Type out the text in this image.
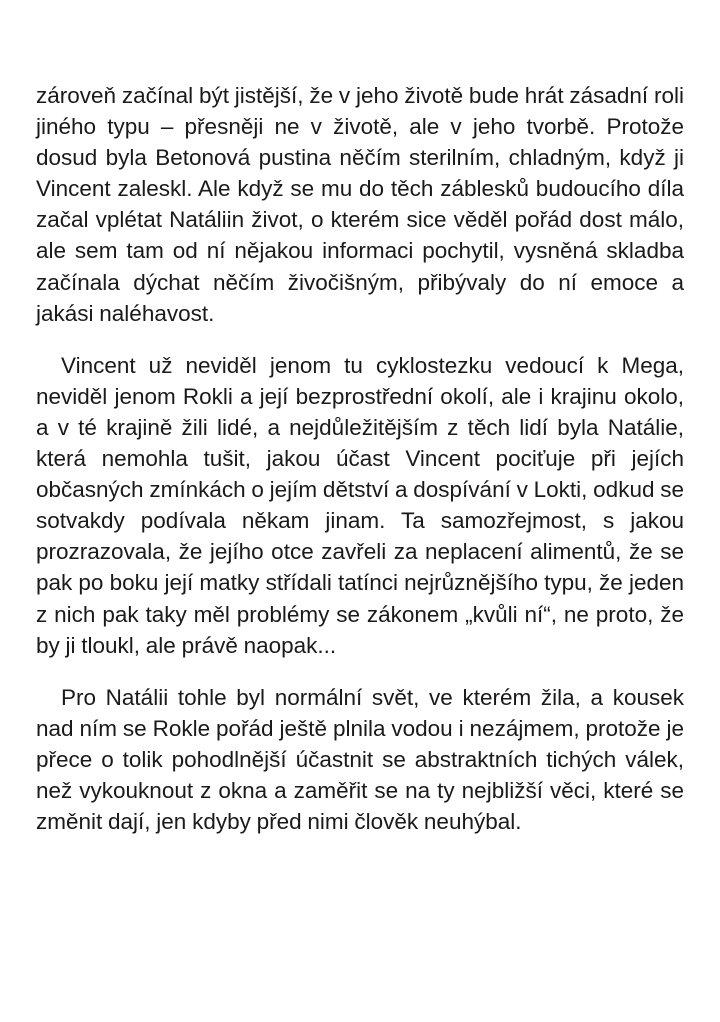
zároveň začínal být jistější, že v jeho životě bude hrát zásadní roli jiného typu – přesněji ne v životě, ale v jeho tvorbě. Protože dosud byla Betonová pustina něčím sterilním, chladným, když ji Vincent zaleskl. Ale když se mu do těch záblesků budoucího díla začal vplétat Natáliin život, o kterém sice věděl pořád dost málo, ale sem tam od ní nějakou informaci pochytil, vysněná skladba začínala dýchat něčím živočišným, přibývaly do ní emoce a jakási naléhavost.

Vincent už neviděl jenom tu cyklostezku vedoucí k Mega, neviděl jenom Rokli a její bezprostřední okolí, ale i krajinu okolo, a v té krajině žili lidé, a nejdůležitějším z těch lidí byla Natálie, která nemohla tušit, jakou účast Vincent pociťuje při jejích občasných zmínkách o jejím dětství a dospívání v Lokti, odkud se sotvakdy podívala někam jinam. Ta samozřejmost, s jakou prozrazovala, že jejího otce zavřeli za neplacení alimentů, že se pak po boku její matky střídali tatínci nejrůznějšího typu, že jeden z nich pak taky měl problémy se zákonem „kvůli ní“, ne proto, že by ji tloukl, ale právě naopak...

Pro Natálii tohle byl normální svět, ve kterém žila, a kousek nad ním se Rokle pořád ještě plnila vodou i nezájmem, protože je přece o tolik pohodlnější účastnit se abstraktních tichých válek, než vykouknout z okna a zaměřit se na ty nejbližší věci, které se změnit dají, jen kdyby před nimi člověk neuhýbal.
